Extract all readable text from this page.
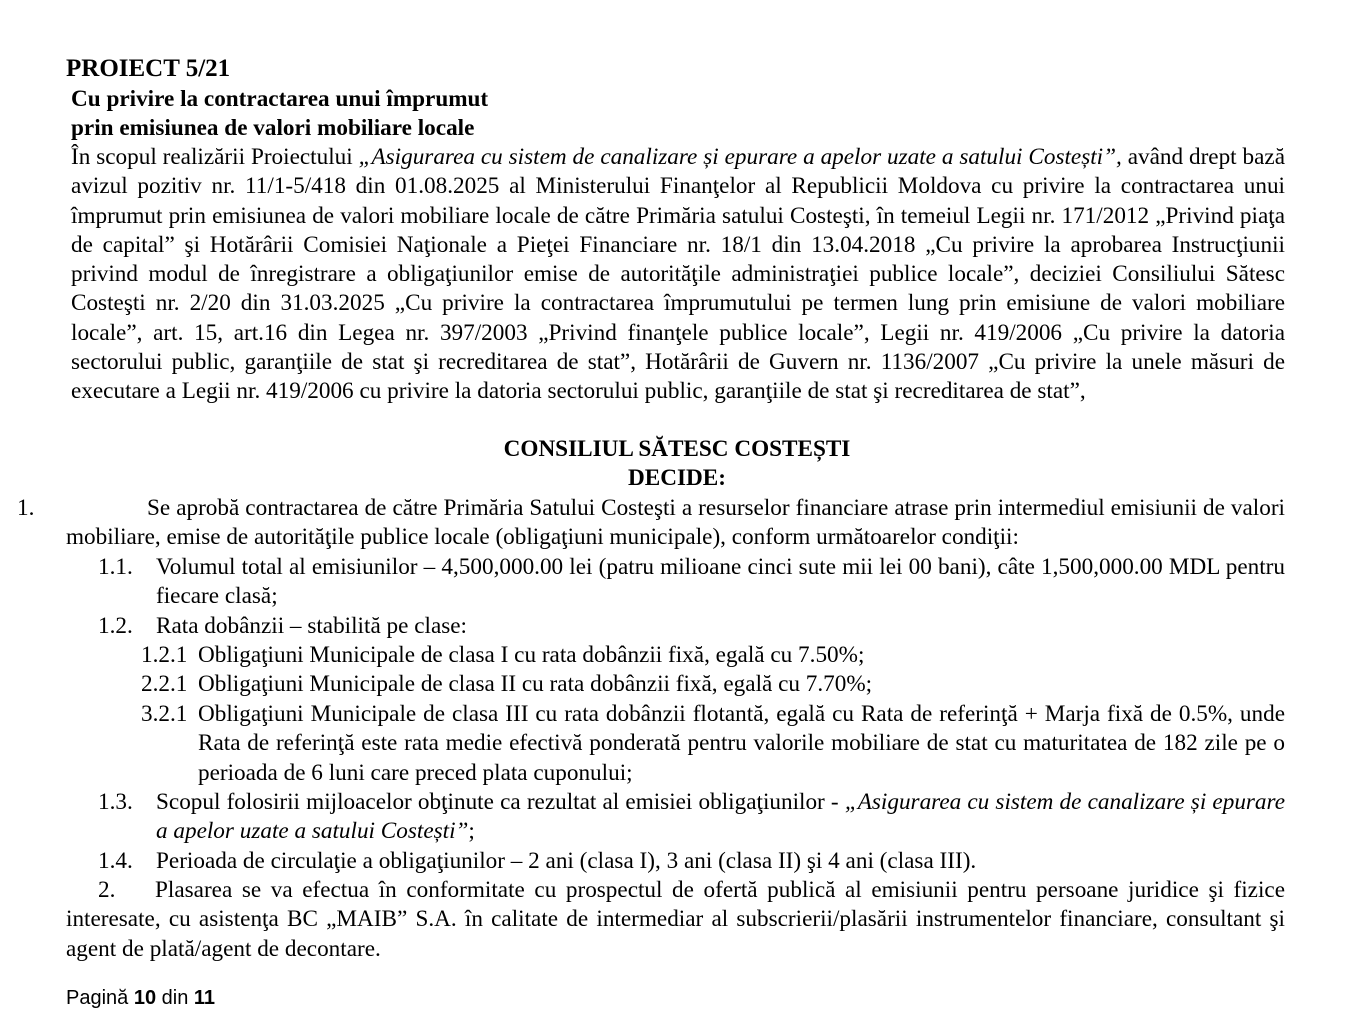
PROIECT 5/21
Cu privire la contractarea unui împrumut
prin emisiunea de valori mobiliare locale
În scopul realizării Proiectului „Asigurarea cu sistem de canalizare și epurare a apelor uzate a satului Costești”, având drept bază avizul pozitiv nr. 11/1-5/418 din 01.08.2025 al Ministerului Finanţelor al Republicii Moldova cu privire la contractarea unui împrumut prin emisiunea de valori mobiliare locale de către Primăria satului Costeşti, în temeiul Legii nr. 171/2012 „Privind piaţa de capital” şi Hotărârii Comisiei Naţionale a Pieţei Financiare nr. 18/1 din 13.04.2018 „Cu privire la aprobarea Instrucţiunii privind modul de înregistrare a obligaţiunilor emise de autorităţile administraţiei publice locale”, deciziei Consiliului Sătesc Costeşti nr. 2/20 din 31.03.2025 „Cu privire la contractarea împrumutului pe termen lung prin emisiune de valori mobiliare locale”, art. 15, art.16 din Legea nr. 397/2003 „Privind finanţele publice locale”, Legii nr. 419/2006 „Cu privire la datoria sectorului public, garanţiile de stat şi recreditarea de stat”, Hotărârii de Guvern nr. 1136/2007 „Cu privire la unele măsuri de executare a Legii nr. 419/2006 cu privire la datoria sectorului public, garanţiile de stat şi recreditarea de stat”,
CONSILIUL SĂTESC COSTEȘTI
DECIDE:
1.	Se aprobă contractarea de către Primăria Satului Costeşti a resurselor financiare atrase prin intermediul emisiunii de valori mobiliare, emise de autorităţile publice locale (obligaţiuni municipale), conform următoarelor condiţii:
1.1. Volumul total al emisiunilor – 4,500,000.00 lei (patru milioane cinci sute mii lei 00 bani), câte 1,500,000.00 MDL pentru fiecare clasă;
1.2. Rata dobânzii – stabilită pe clase:
1.2.1 Obligaţiuni Municipale de clasa I cu rata dobânzii fixă, egală cu 7.50%;
2.2.1 Obligaţiuni Municipale de clasa II cu rata dobânzii fixă, egală cu 7.70%;
3.2.1 Obligaţiuni Municipale de clasa III cu rata dobânzii flotantă, egală cu Rata de referinţă + Marja fixă de 0.5%, unde Rata de referinţă este rata medie efectivă ponderată pentru valorile mobiliare de stat cu maturitatea de 182 zile pe o perioada de 6 luni care preced plata cuponului;
1.3. Scopul folosirii mijloacelor obţinute ca rezultat al emisiei obligaţiunilor - „Asigurarea cu sistem de canalizare și epurare a apelor uzate a satului Costești”;
1.4. Perioada de circulaţie a obligaţiunilor – 2 ani (clasa I), 3 ani (clasa II) şi 4 ani (clasa III).
2. Plasarea se va efectua în conformitate cu prospectul de ofertă publică al emisiunii pentru persoane juridice şi fizice interesate, cu asistenţa BC „MAIB” S.A. în calitate de intermediar al subscrierii/plasării instrumentelor financiare, consultant şi agent de plată/agent de decontare.
Pagină 10 din 11
